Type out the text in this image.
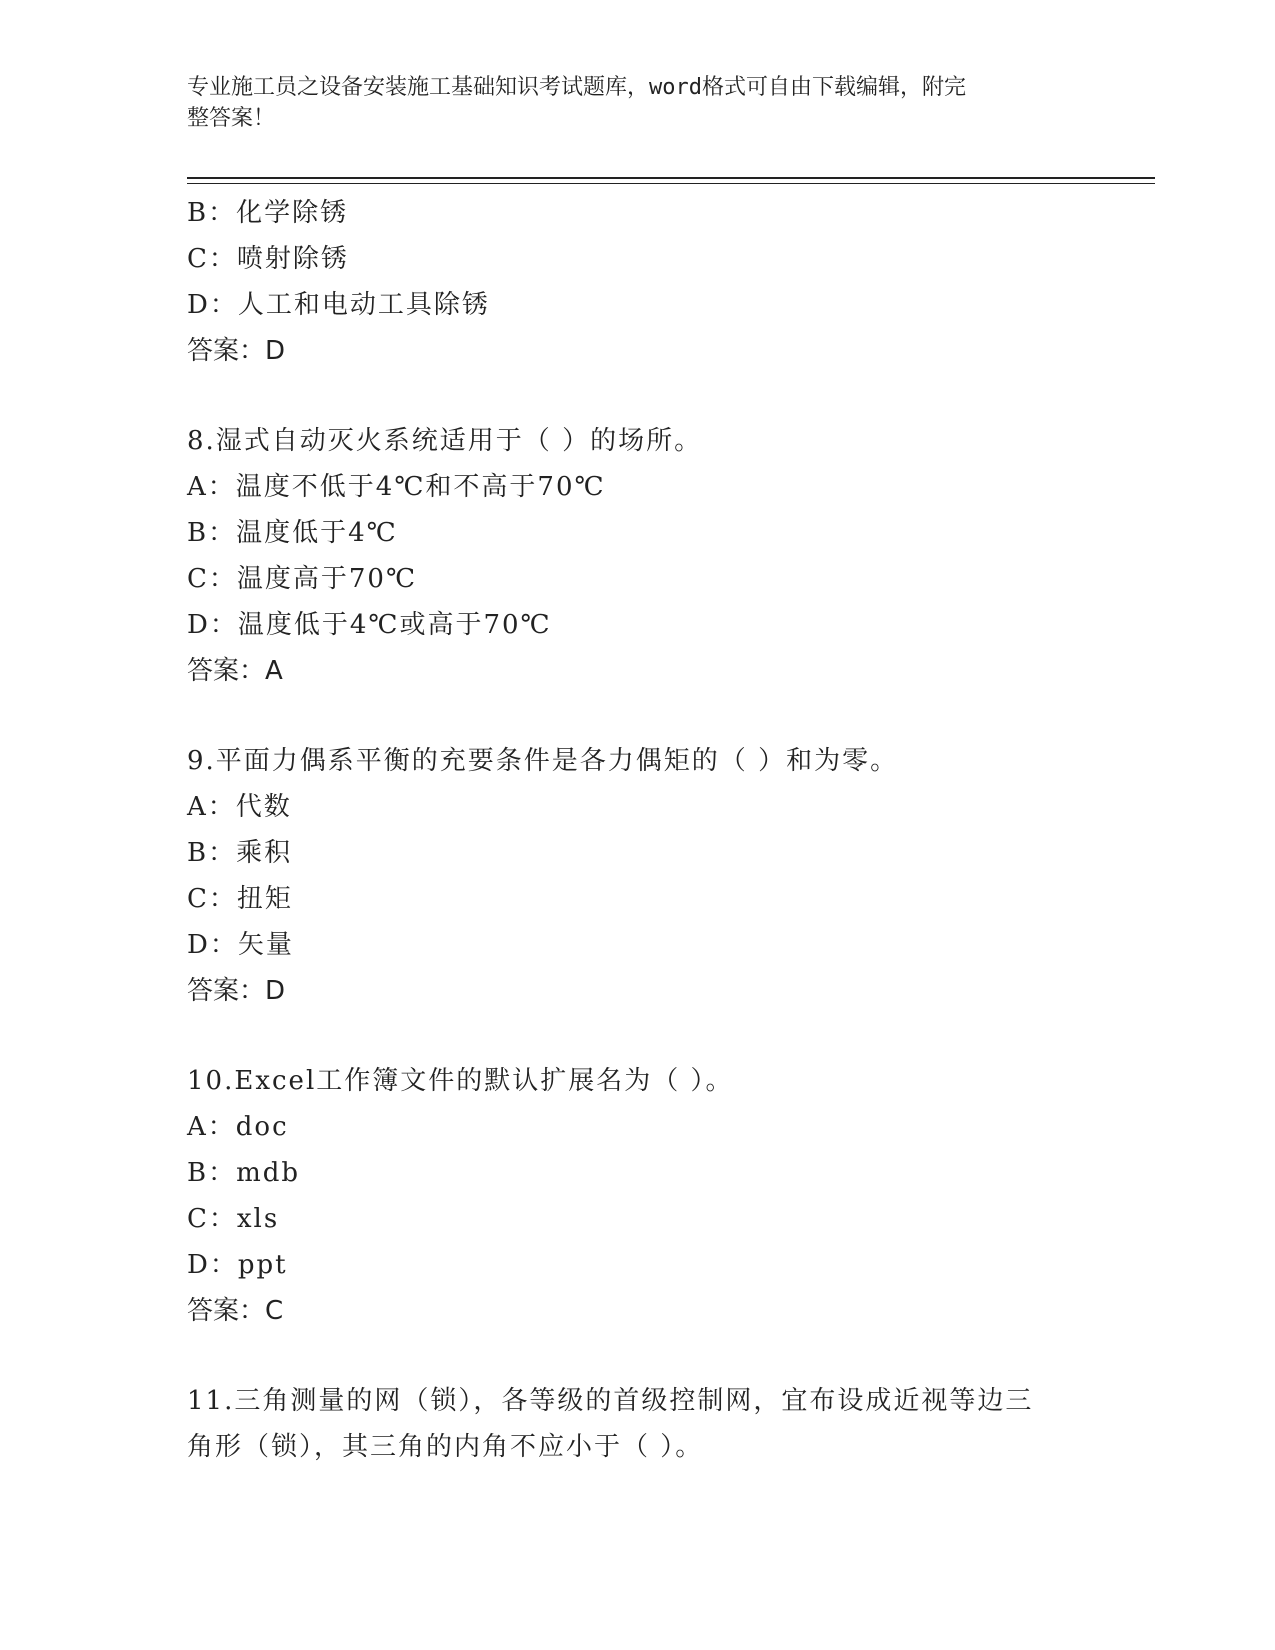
专业施工员之设备安装施工基础知识考试题库，word格式可自由下载编辑，附完
整答案！
B：化学除锈
C：喷射除锈
D：人工和电动工具除锈
答案：D
8.湿式自动灭火系统适用于（ ）的场所。
A：温度不低于4℃和不高于70℃
B：温度低于4℃
C：温度高于70℃
D：温度低于4℃或高于70℃
答案：A
9.平面力偶系平衡的充要条件是各力偶矩的（ ）和为零。
A：代数
B：乘积
C：扭矩
D：矢量
答案：D
10.Excel工作簿文件的默认扩展名为（ ）。
A：doc
B：mdb
C：xls
D：ppt
答案：C
11.三角测量的网（锁），各等级的首级控制网，宜布设成近视等边三
角形（锁），其三角的内角不应小于（ ）。
